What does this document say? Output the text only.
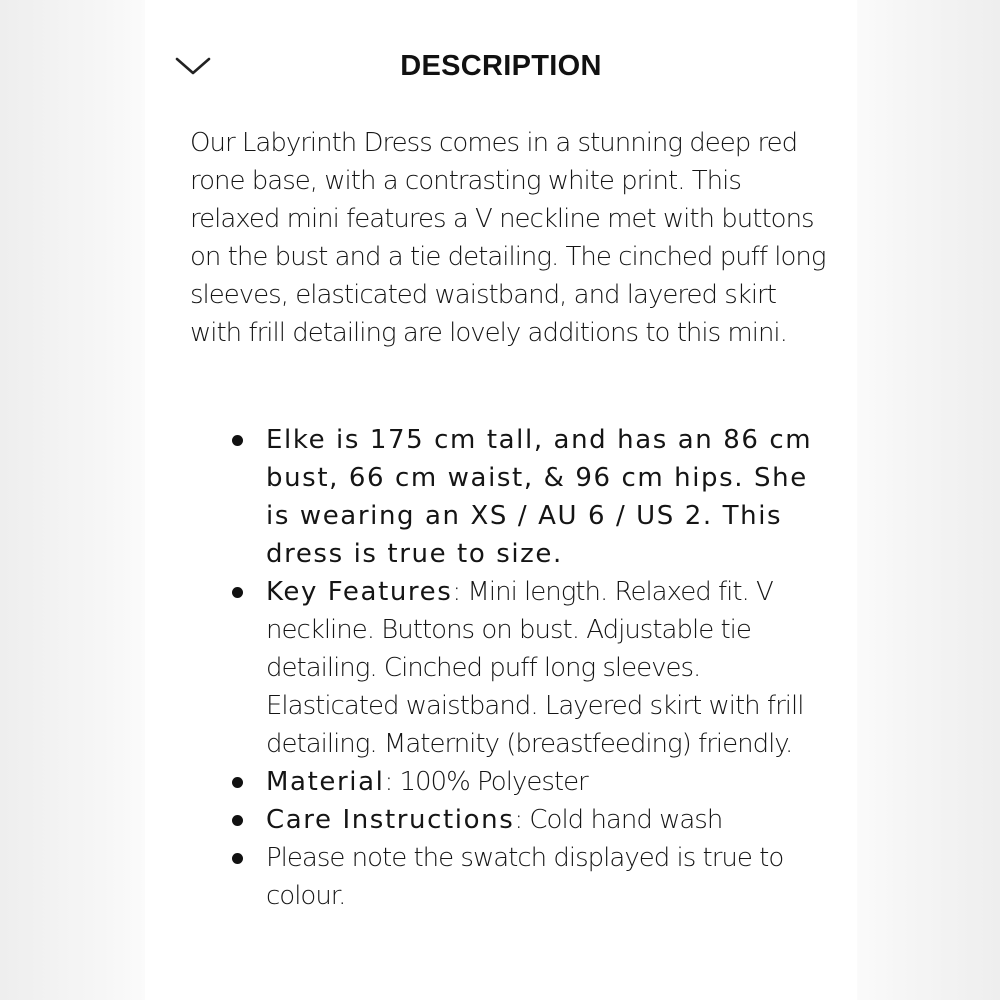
DESCRIPTION

Our Labyrinth Dress comes in a stunning deep red rone base, with a contrasting white print. This relaxed mini features a V neckline met with buttons on the bust and a tie detailing. The cinched puff long sleeves, elasticated waistband, and layered skirt with frill detailing are lovely additions to this mini.

Elke is 175 cm tall, and has an 86 cm bust, 66 cm waist, & 96 cm hips. She is wearing an XS / AU 6 / US 2. This dress is true to size.
Key Features: Mini length. Relaxed fit. V neckline. Buttons on bust. Adjustable tie detailing. Cinched puff long sleeves. Elasticated waistband. Layered skirt with frill detailing. Maternity (breastfeeding) friendly.
Material: 100% Polyester
Care Instructions: Cold hand wash
Please note the swatch displayed is true to colour.
